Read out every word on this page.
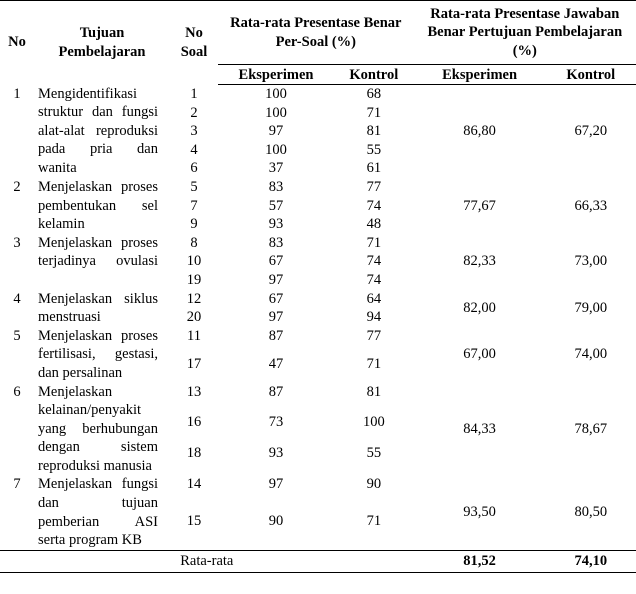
No	Tujuan Pembelajaran	No Soal	Rata-rata Presentase Benar Per-Soal (%)		Rata-rata Presentase Jawaban Benar Pertujuan Pembelajaran (%)	
			Eksperimen	Kontrol	Eksperimen	Kontrol
1	Mengidentifikasi
struktur dan fungsi
alat-alat reproduksi
pada pria dan
wanita	1	100	68	86,80	67,20
		2	100	71		
		3	97	81		
		4	100	55		
		6	37	61		
2	Menjelaskan proses
pembentukan sel
kelamin	5	83	77	77,67	66,33
		7	57	74		
		9	93	48		
3	Menjelaskan proses
terjadinya ovulasi	8	83	71	82,33	73,00
		10	67	74		
		19	97	74		
4	Menjelaskan siklus
menstruasi	12	67	64	82,00	79,00
		20	97	94		
5	Menjelaskan proses
fertilisasi, gestasi,
dan persalinan	11	87	77	67,00	74,00
		17	47	71		
6	Menjelaskan
kelainan/penyakit
yang berhubungan
dengan sistem
reproduksi manusia	13	87	81	84,33	78,67
		16	73	100		
		18	93	55		
7	Menjelaskan fungsi
dan tujuan
pemberian ASI
serta program KB	14	97	90	93,50	80,50
		15	90	71		
Rata-rata					81,52	74,10
